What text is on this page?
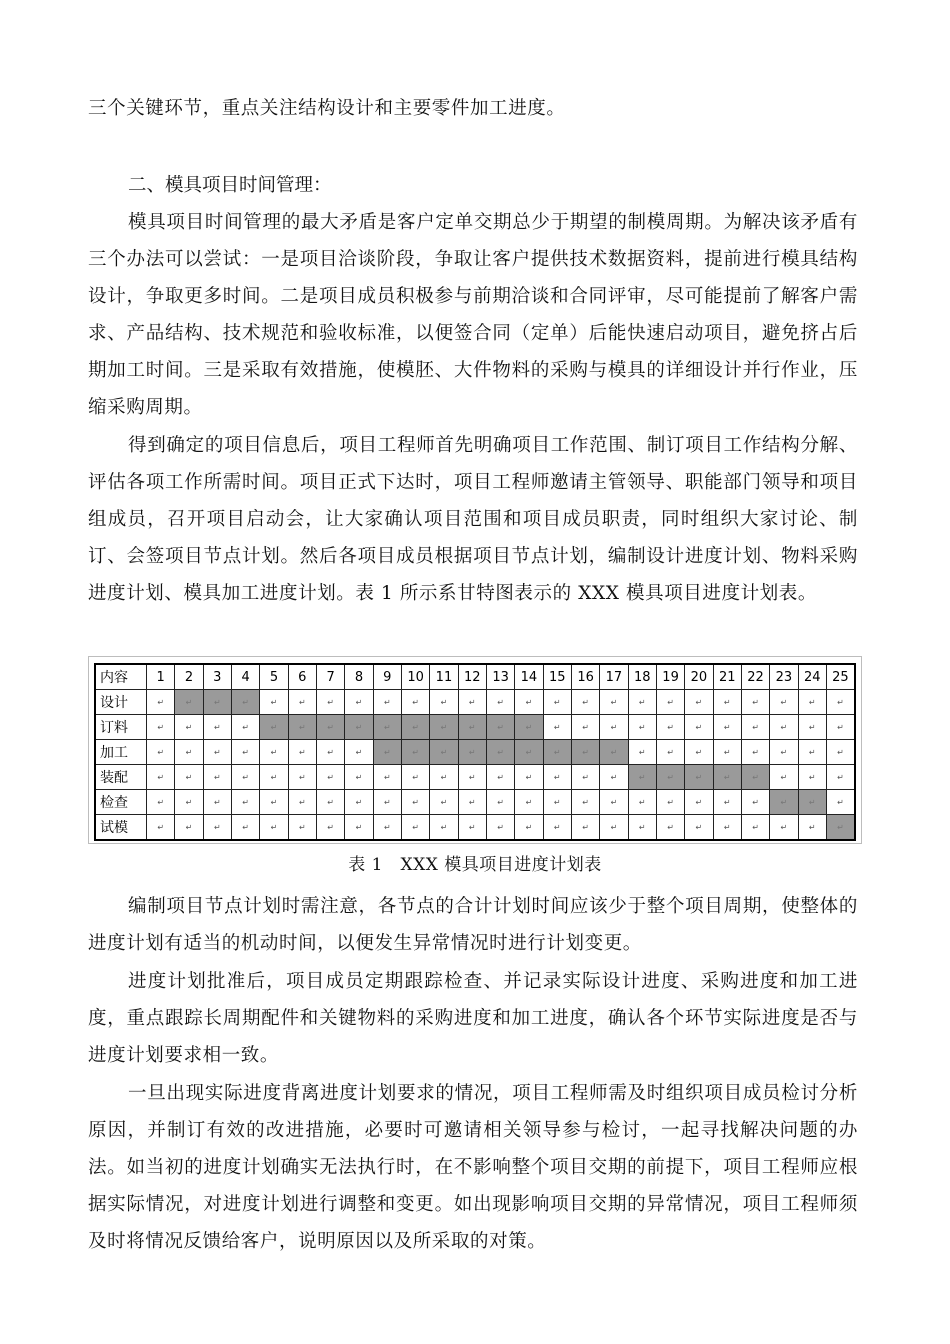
三个关键环节，重点关注结构设计和主要零件加工进度。

二、模具项目时间管理：

模具项目时间管理的最大矛盾是客户定单交期总少于期望的制模周期。为解决该矛盾有三个办法可以尝试：一是项目洽谈阶段，争取让客户提供技术数据资料，提前进行模具结构设计，争取更多时间。二是项目成员积极参与前期洽谈和合同评审，尽可能提前了解客户需求、产品结构、技术规范和验收标准，以便签合同（定单）后能快速启动项目，避免挤占后期加工时间。三是采取有效措施，使模胚、大件物料的采购与模具的详细设计并行作业，压缩采购周期。

得到确定的项目信息后，项目工程师首先明确项目工作范围、制订项目工作结构分解、评估各项工作所需时间。项目正式下达时，项目工程师邀请主管领导、职能部门领导和项目组成员，召开项目启动会，让大家确认项目范围和项目成员职责，同时组织大家讨论、制订、会签项目节点计划。然后各项目成员根据项目节点计划，编制设计进度计划、物料采购进度计划、模具加工进度计划。表 1 所示系甘特图表示的 XXX 模具项目进度计划表。

内容	1	2	3	4	5	6	7	8	9	10	11	12	13	14	15	16	17	18	19	20	21	22	23	24	25
设计	↵	↵	↵	↵	↵	↵	↵	↵	↵	↵	↵	↵	↵	↵	↵	↵	↵	↵	↵	↵	↵	↵	↵	↵	↵
订料	↵	↵	↵	↵	↵	↵	↵	↵	↵	↵	↵	↵	↵	↵	↵	↵	↵	↵	↵	↵	↵	↵	↵	↵	↵
加工	↵	↵	↵	↵	↵	↵	↵	↵	↵	↵	↵	↵	↵	↵	↵	↵	↵	↵	↵	↵	↵	↵	↵	↵	↵
装配	↵	↵	↵	↵	↵	↵	↵	↵	↵	↵	↵	↵	↵	↵	↵	↵	↵	↵	↵	↵	↵	↵	↵	↵	↵
检查	↵	↵	↵	↵	↵	↵	↵	↵	↵	↵	↵	↵	↵	↵	↵	↵	↵	↵	↵	↵	↵	↵	↵	↵	↵
试模	↵	↵	↵	↵	↵	↵	↵	↵	↵	↵	↵	↵	↵	↵	↵	↵	↵	↵	↵	↵	↵	↵	↵	↵	↵

表 1　XXX 模具项目进度计划表

编制项目节点计划时需注意，各节点的合计计划时间应该少于整个项目周期，使整体的进度计划有适当的机动时间，以便发生异常情况时进行计划变更。

进度计划批准后，项目成员定期跟踪检查、并记录实际设计进度、采购进度和加工进度，重点跟踪长周期配件和关键物料的采购进度和加工进度，确认各个环节实际进度是否与进度计划要求相一致。

一旦出现实际进度背离进度计划要求的情况，项目工程师需及时组织项目成员检讨分析原因，并制订有效的改进措施，必要时可邀请相关领导参与检讨，一起寻找解决问题的办法。如当初的进度计划确实无法执行时，在不影响整个项目交期的前提下，项目工程师应根据实际情况，对进度计划进行调整和变更。如出现影响项目交期的异常情况，项目工程师须及时将情况反馈给客户，说明原因以及所采取的对策。
